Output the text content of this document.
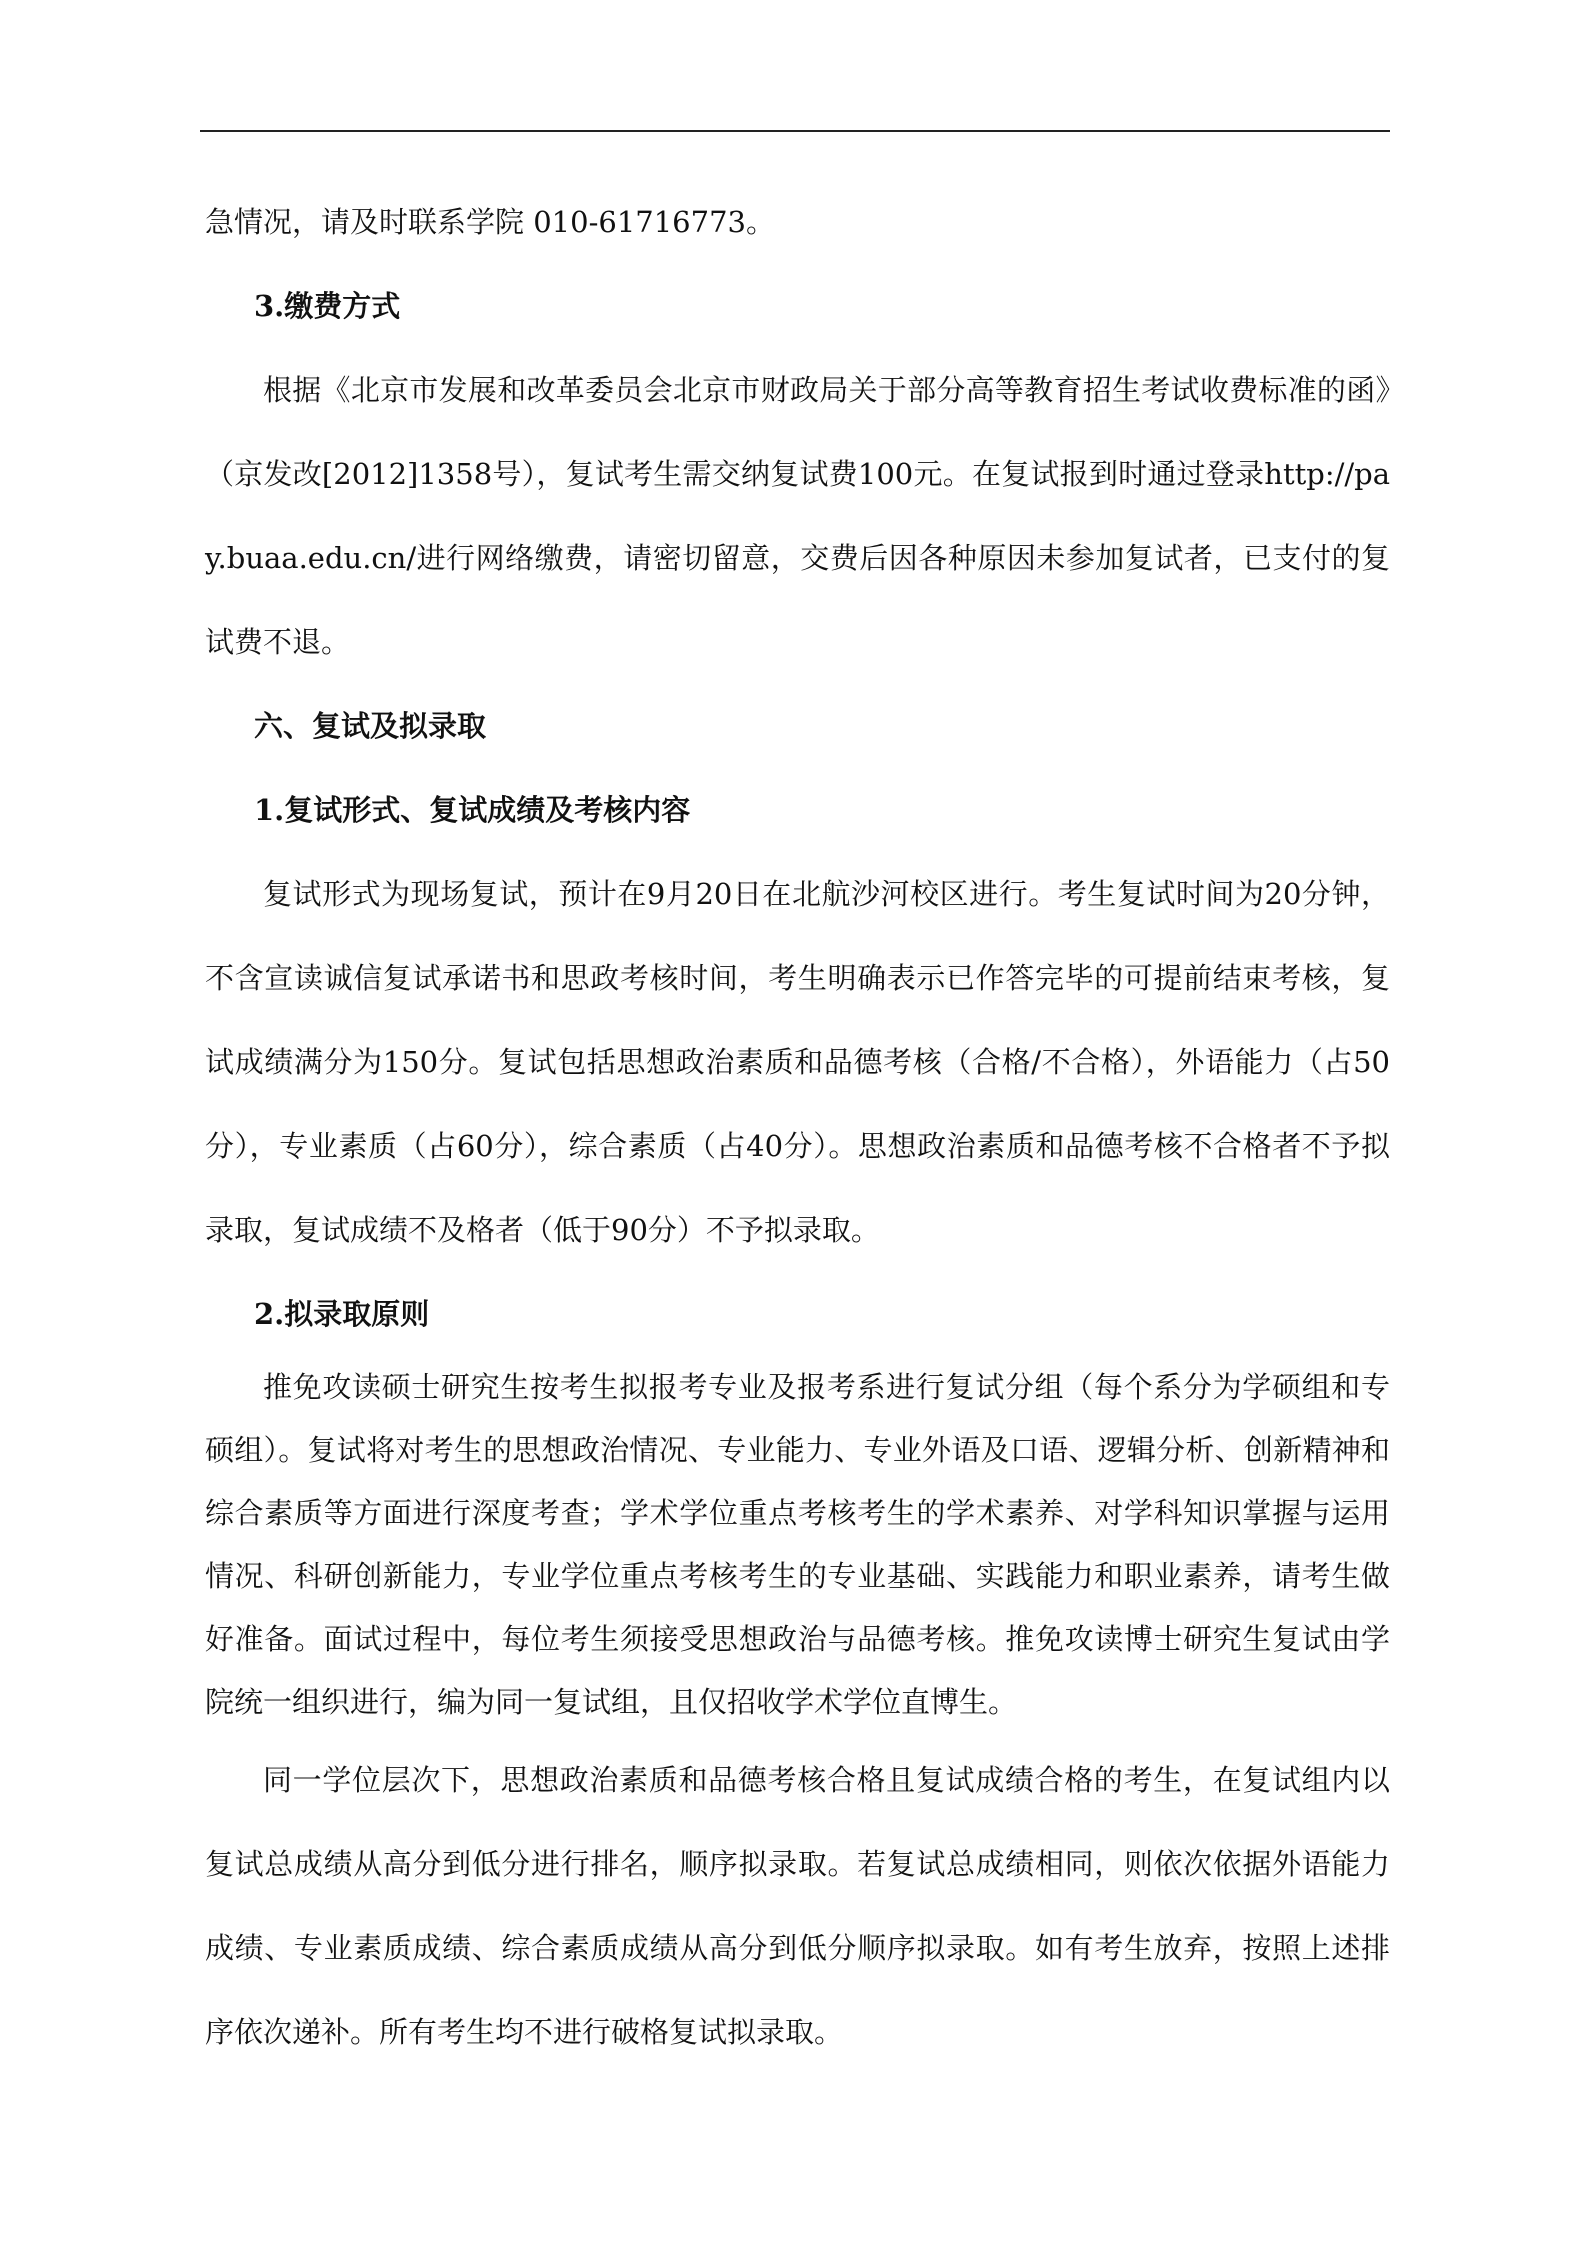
急情况，请及时联系学院 010-61716773。

3.缴费方式

根据《北京市发展和改革委员会北京市财政局关于部分高等教育招生考试收费标准的函》（京发改[2012]1358号），复试考生需交纳复试费100元。在复试报到时通过登录http://pay.buaa.edu.cn/进行网络缴费，请密切留意，交费后因各种原因未参加复试者，已支付的复试费不退。

六、复试及拟录取

1.复试形式、复试成绩及考核内容

复试形式为现场复试，预计在9月20日在北航沙河校区进行。考生复试时间为20分钟，不含宣读诚信复试承诺书和思政考核时间，考生明确表示已作答完毕的可提前结束考核，复试成绩满分为150分。复试包括思想政治素质和品德考核（合格/不合格），外语能力（占50分），专业素质（占60分），综合素质（占40分）。思想政治素质和品德考核不合格者不予拟录取，复试成绩不及格者（低于90分）不予拟录取。

2.拟录取原则

推免攻读硕士研究生按考生拟报考专业及报考系进行复试分组（每个系分为学硕组和专硕组）。复试将对考生的思想政治情况、专业能力、专业外语及口语、逻辑分析、创新精神和综合素质等方面进行深度考查；学术学位重点考核考生的学术素养、对学科知识掌握与运用情况、科研创新能力，专业学位重点考核考生的专业基础、实践能力和职业素养，请考生做好准备。面试过程中，每位考生须接受思想政治与品德考核。推免攻读博士研究生复试由学院统一组织进行，编为同一复试组，且仅招收学术学位直博生。

同一学位层次下，思想政治素质和品德考核合格且复试成绩合格的考生，在复试组内以复试总成绩从高分到低分进行排名，顺序拟录取。若复试总成绩相同，则依次依据外语能力成绩、专业素质成绩、综合素质成绩从高分到低分顺序拟录取。如有考生放弃，按照上述排序依次递补。所有考生均不进行破格复试拟录取。
